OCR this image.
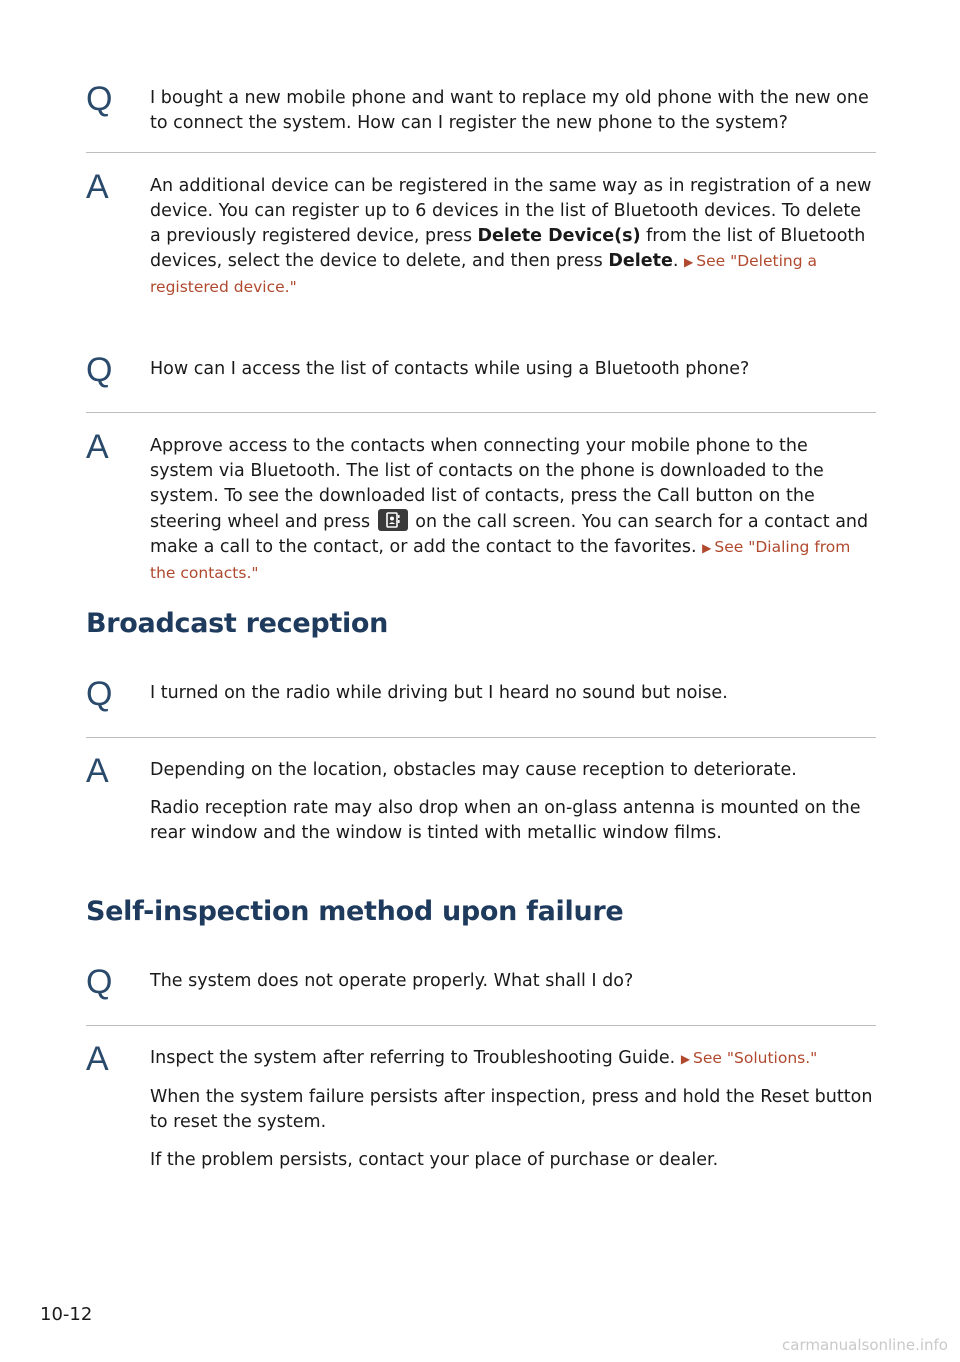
Q I bought a new mobile phone and want to replace my old phone with the new one to connect the system. How can I register the new phone to the system?

A An additional device can be registered in the same way as in registration of a new device. You can register up to 6 devices in the list of Bluetooth devices. To delete a previously registered device, press Delete Device(s) from the list of Bluetooth devices, select the device to delete, and then press Delete. ▶ See "Deleting a registered device."

Q How can I access the list of contacts while using a Bluetooth phone?

A Approve access to the contacts when connecting your mobile phone to the system via Bluetooth. The list of contacts on the phone is downloaded to the system. To see the downloaded list of contacts, press the Call button on the steering wheel and press
on the call screen. You can search for a contact and make a call to the contact, or add the contact to the favorites. ▶ See "Dialing from the contacts."

Broadcast reception
Q I turned on the radio while driving but I heard no sound but noise.

A Depending on the location, obstacles may cause reception to deteriorate.

Radio reception rate may also drop when an on-glass antenna is mounted on the rear window and the window is tinted with metallic window films.

Self-inspection method upon failure
Q The system does not operate properly. What shall I do?

A Inspect the system after referring to Troubleshooting Guide. ▶ See "Solutions."

When the system failure persists after inspection, press and hold the Reset button to reset the system.

If the problem persists, contact your place of purchase or dealer.

10-12
carmanualsonline.info
